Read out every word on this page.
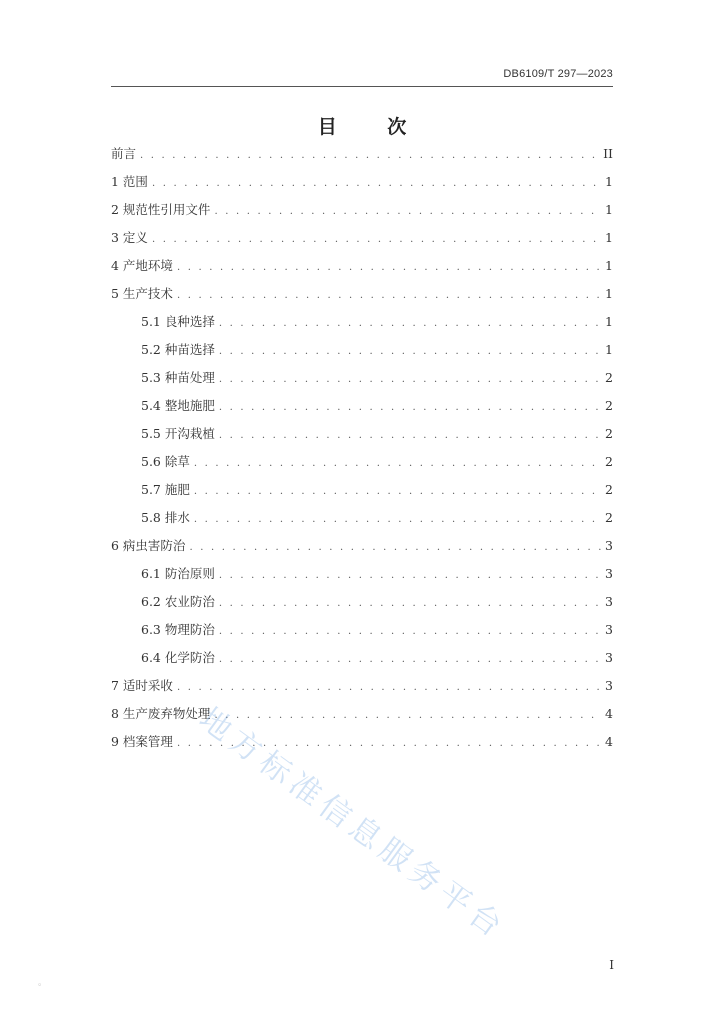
DB6109/T 297—2023
目 次
前言 . . .	II
1 范围 . . .	1
2 规范性引用文件 . . .	1
3 定义 . . .	1
4 产地环境 . . .	1
5 生产技术 . . .	1
5.1 良种选择 . . .	1
5.2 种苗选择 . . .	1
5.3 种苗处理 . . .	2
5.4 整地施肥 . . .	2
5.5 开沟栽植 . . .	2
5.6 除草 . . .	2
5.7 施肥 . . .	2
5.8 排水 . . .	2
6 病虫害防治 . . .	3
6.1 防治原则 . . .	3
6.2 农业防治 . . .	3
6.3 物理防治 . . .	3
6.4 化学防治 . . .	3
7 适时采收 . . .	3
8 生产废弃物处理 . . .	4
9 档案管理 . . .	4
地方标准信息服务平台
I
。
